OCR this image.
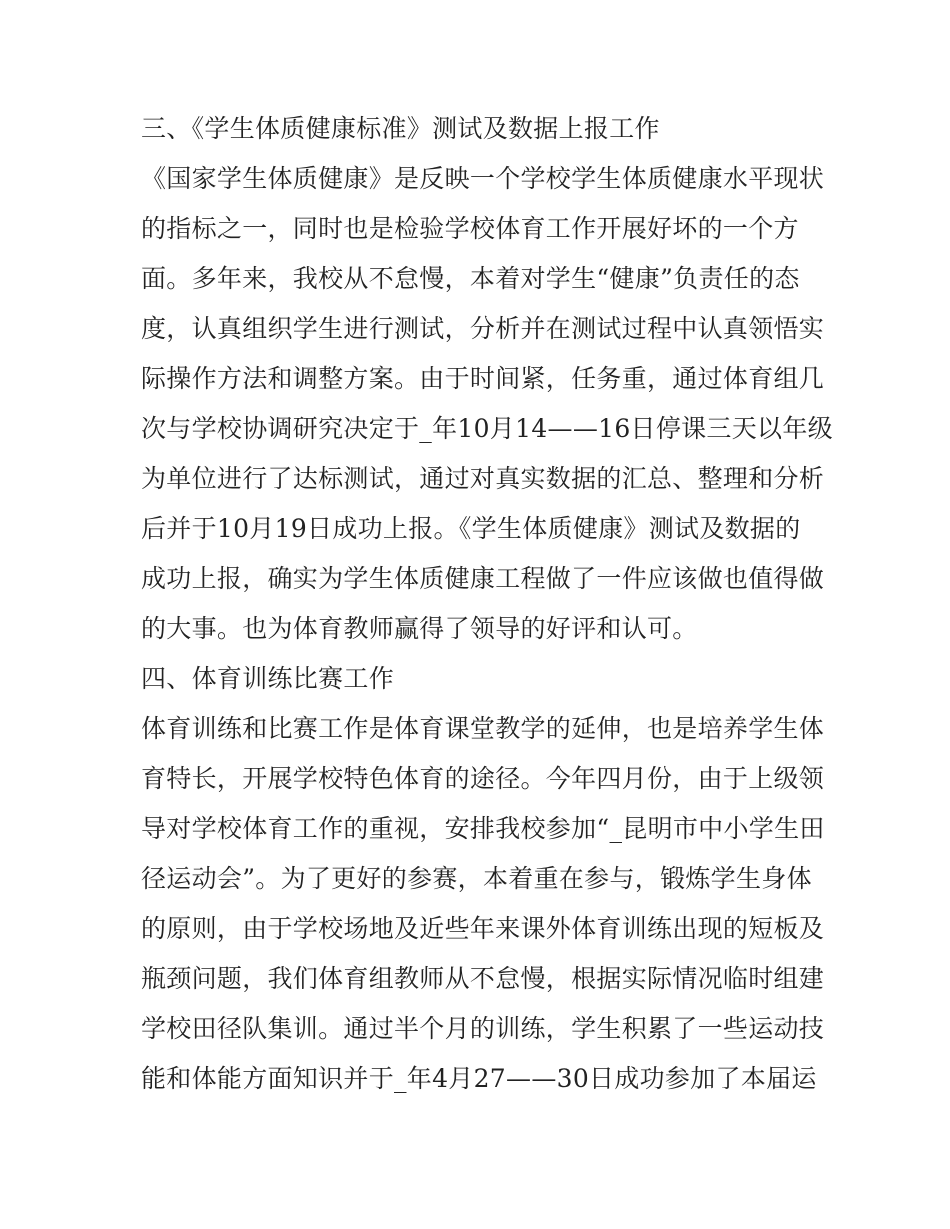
三、《学生体质健康标准》测试及数据上报工作
《国家学生体质健康》是反映一个学校学生体质健康水平现状
的指标之一，同时也是检验学校体育工作开展好坏的一个方
面。多年来，我校从不怠慢，本着对学生“健康”负责任的态
度，认真组织学生进行测试，分析并在测试过程中认真领悟实
际操作方法和调整方案。由于时间紧，任务重，通过体育组几
次与学校协调研究决定于_年10月14——16日停课三天以年级
为单位进行了达标测试，通过对真实数据的汇总、整理和分析
后并于10月19日成功上报。《学生体质健康》测试及数据的
成功上报，确实为学生体质健康工程做了一件应该做也值得做
的大事。也为体育教师赢得了领导的好评和认可。
四、体育训练比赛工作
体育训练和比赛工作是体育课堂教学的延伸，也是培养学生体
育特长，开展学校特色体育的途径。今年四月份，由于上级领
导对学校体育工作的重视，安排我校参加“_昆明市中小学生田
径运动会”。为了更好的参赛，本着重在参与，锻炼学生身体
的原则，由于学校场地及近些年来课外体育训练出现的短板及
瓶颈问题，我们体育组教师从不怠慢，根据实际情况临时组建
学校田径队集训。通过半个月的训练，学生积累了一些运动技
能和体能方面知识并于_年4月27——30日成功参加了本届运
